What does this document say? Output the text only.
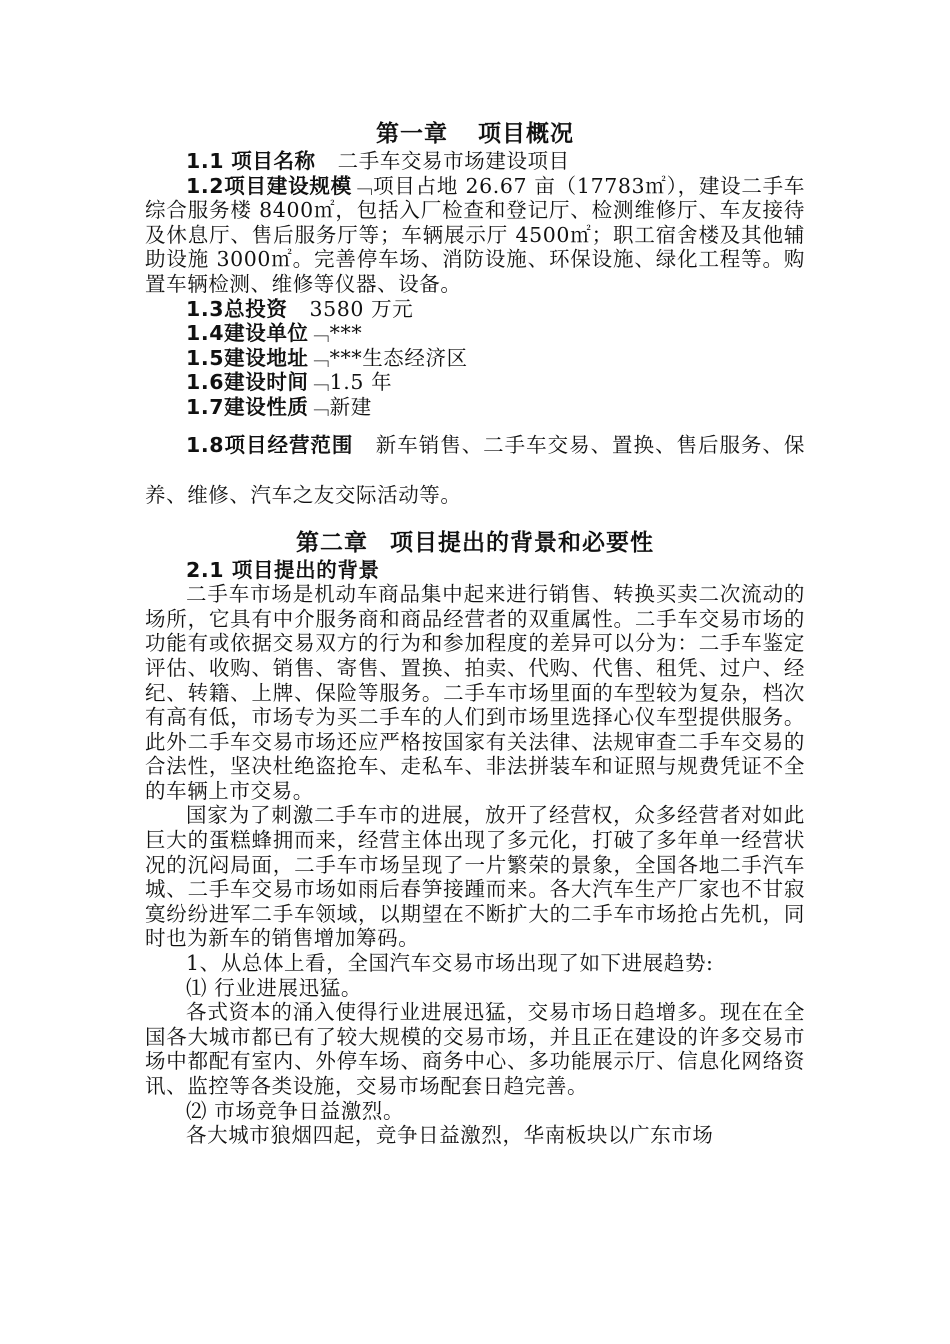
第一章 项目概况

1.1 项目名称 二手车交易市场建设项目

1.2项目建设规模﹁项目占地 26.67 亩（17783㎡），建设二手车综合服务楼 8400㎡，包括入厂检查和登记厅、检测维修厅、车友接待及休息厅、售后服务厅等；车辆展示厅 4500㎡；职工宿舍楼及其他辅助设施 3000㎡。完善停车场、消防设施、环保设施、绿化工程等。购置车辆检测、维修等仪器、设备。

1.3总投资 3580 万元

1.4建设单位﹁***

1.5建设地址﹁***生态经济区

1.6建设时间﹁1.5 年

1.7建设性质﹁新建

1.8项目经营范围 新车销售、二手车交易、置换、售后服务、保养、维修、汽车之友交际活动等。

第二章 项目提出的背景和必要性

2.1 项目提出的背景

二手车市场是机动车商品集中起来进行销售、转换买卖二次流动的场所，它具有中介服务商和商品经营者的双重属性。二手车交易市场的功能有或依据交易双方的行为和参加程度的差异可以分为：二手车鉴定评估、收购、销售、寄售、置换、拍卖、代购、代售、租凭、过户、经纪、转籍、上牌、保险等服务。二手车市场里面的车型较为复杂，档次有高有低，市场专为买二手车的人们到市场里选择心仪车型提供服务。此外二手车交易市场还应严格按国家有关法律、法规审查二手车交易的合法性，坚决杜绝盗抢车、走私车、非法拼装车和证照与规费凭证不全的车辆上市交易。

国家为了刺激二手车市的进展，放开了经营权，众多经营者对如此巨大的蛋糕蜂拥而来，经营主体出现了多元化，打破了多年单一经营状况的沉闷局面，二手车市场呈现了一片繁荣的景象，全国各地二手汽车城、二手车交易市场如雨后春笋接踵而来。各大汽车生产厂家也不甘寂寞纷纷进军二手车领域，以期望在不断扩大的二手车市场抢占先机，同时也为新车的销售增加筹码。

1、从总体上看，全国汽车交易市场出现了如下进展趋势:

⑴ 行业进展迅猛。

各式资本的涌入使得行业进展迅猛，交易市场日趋增多。现在在全国各大城市都已有了较大规模的交易市场，并且正在建设的许多交易市场中都配有室内、外停车场、商务中心、多功能展示厅、信息化网络资讯、监控等各类设施，交易市场配套日趋完善。

⑵ 市场竞争日益激烈。

各大城市狼烟四起，竞争日益激烈，华南板块以广东市场
